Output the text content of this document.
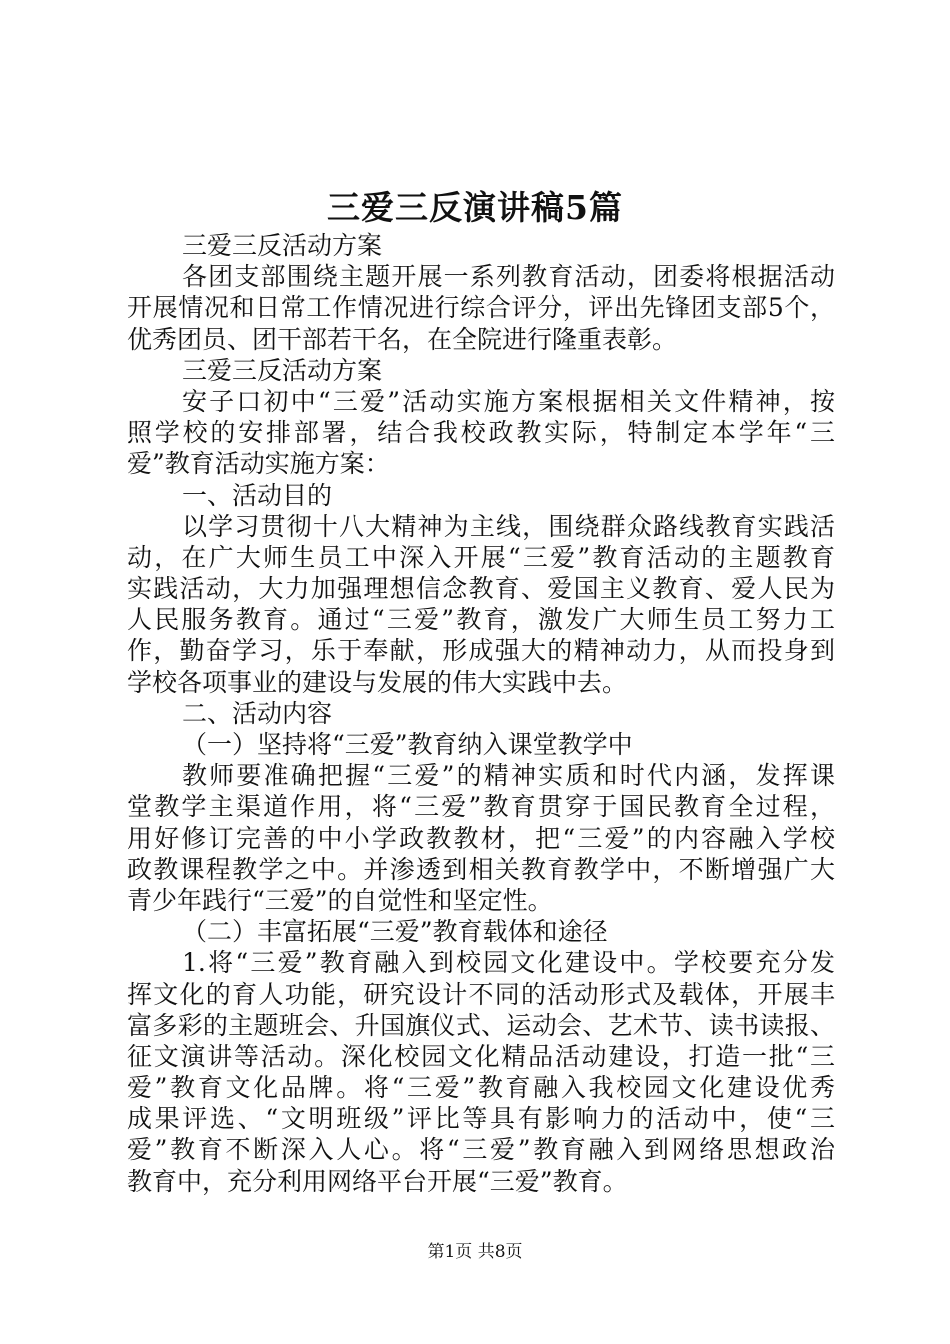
三爱三反演讲稿5篇
三爱三反活动方案
各团支部围绕主题开展一系列教育活动，团委将根据活动
开展情况和日常工作情况进行综合评分，评出先锋团支部5个，
优秀团员、团干部若干名，在全院进行隆重表彰。
三爱三反活动方案
安子口初中“三爱”活动实施方案根据相关文件精神，按
照学校的安排部署，结合我校政教实际，特制定本学年“三
爱”教育活动实施方案：
一、活动目的
以学习贯彻十八大精神为主线，围绕群众路线教育实践活
动，在广大师生员工中深入开展“三爱”教育活动的主题教育
实践活动，大力加强理想信念教育、爱国主义教育、爱人民为
人民服务教育。通过“三爱”教育，激发广大师生员工努力工
作，勤奋学习，乐于奉献，形成强大的精神动力，从而投身到
学校各项事业的建设与发展的伟大实践中去。
二、活动内容
（一）坚持将“三爱”教育纳入课堂教学中
教师要准确把握“三爱”的精神实质和时代内涵，发挥课
堂教学主渠道作用，将“三爱”教育贯穿于国民教育全过程，
用好修订完善的中小学政教教材，把“三爱”的内容融入学校
政教课程教学之中。并渗透到相关教育教学中，不断增强广大
青少年践行“三爱”的自觉性和坚定性。
（二）丰富拓展“三爱”教育载体和途径
1.将“三爱”教育融入到校园文化建设中。学校要充分发
挥文化的育人功能，研究设计不同的活动形式及载体，开展丰
富多彩的主题班会、升国旗仪式、运动会、艺术节、读书读报、
征文演讲等活动。深化校园文化精品活动建设，打造一批“三
爱”教育文化品牌。将“三爱”教育融入我校园文化建设优秀
成果评选、“文明班级”评比等具有影响力的活动中，使“三
爱”教育不断深入人心。将“三爱”教育融入到网络思想政治
教育中，充分利用网络平台开展“三爱”教育。
第1页 共8页
